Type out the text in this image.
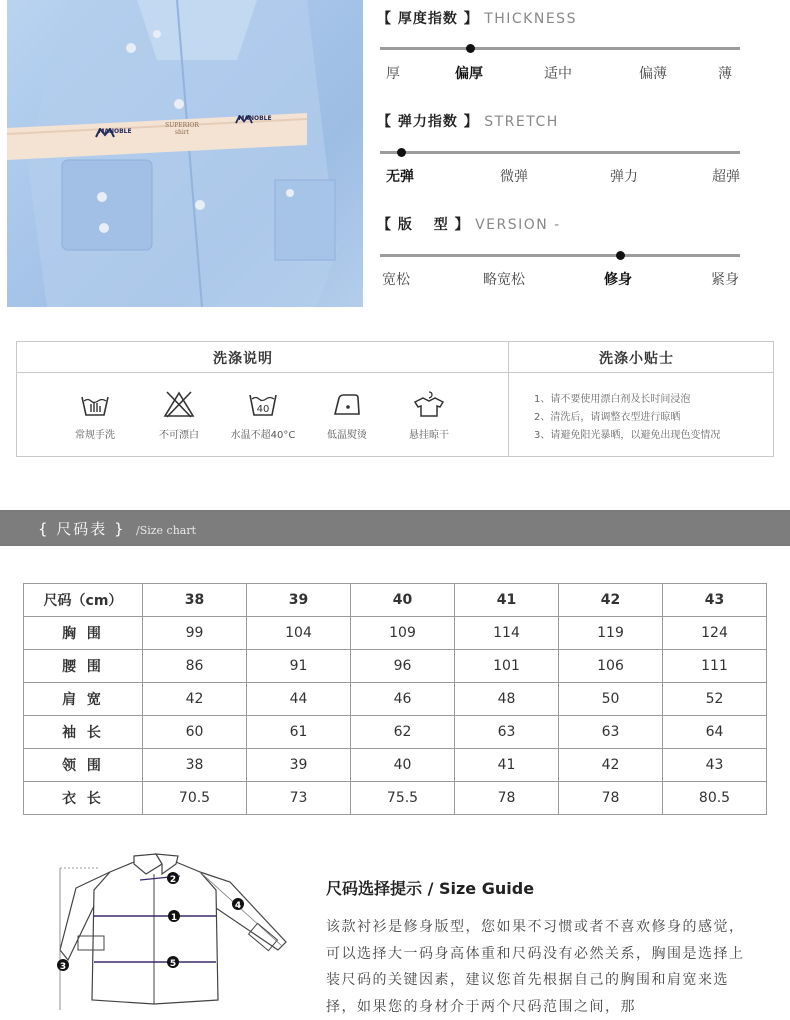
MANOBLE
SUPERIOR
shirt
MANOBLE
【 厚度指数 】 THICKNESS
厚	偏厚	适中	偏薄	薄
【 弹力指数 】 STRETCH
无弹	微弹	弹力	超弹
【 版　 型 】 VERSION -
宽松	略宽松	修身	紧身
洗涤说明	洗涤小贴士
常规手洗	不可漂白
40
水温不超40°C	低温熨烫	悬挂晾干
1、请不要使用漂白剂及长时间浸泡
2、清洗后，请调整衣型进行晾晒
3、请避免阳光暴晒，以避免出现色变情况
{ 尺码表 } /Size chart
尺码（cm）	38	39	40	41	42	43
胸 围	99	104	109	114	119	124
腰 围	86	91	96	101	106	111
肩 宽	42	44	46	48	50	52
袖 长	60	61	62	63	63	64
领 围	38	39	40	41	42	43
衣 长	70.5	73	75.5	78	78	80.5
1
2
3
4
5
尺码选择提示 / Size Guide
该款衬衫是修身版型，您如果不习惯或者不喜欢修身的感觉，可以选择大一码身高体重和尺码没有必然关系，胸围是选择上装尺码的关键因素，建议您首先根据自己的胸围和肩宽来选择，如果您的身材介于两个尺码范围之间，那
